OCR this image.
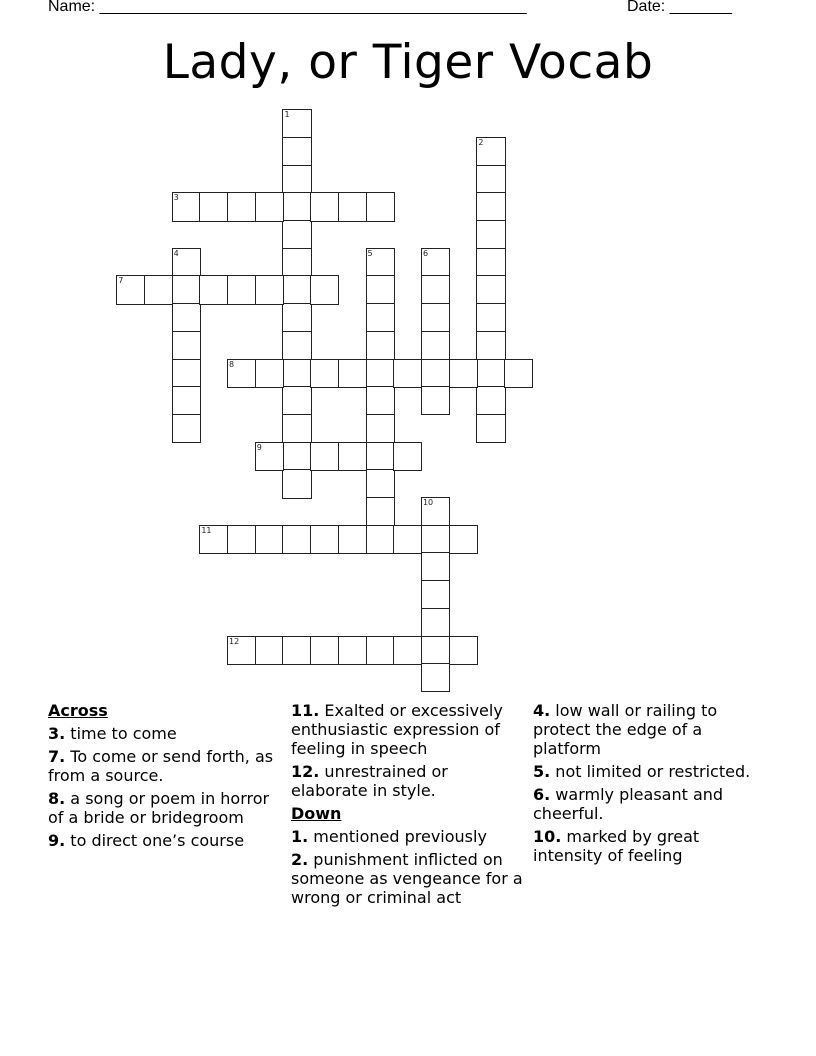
Name: ________________________________________________	Date: _______
Lady, or Tiger Vocab
1
2
3
4	5	6
7
8
9
10
11
12
Across
3. time to come
7. To come or send forth, as from a source.
8. a song or poem in horror of a bride or bridegroom
9. to direct one’s course
11. Exalted or excessively enthusiastic expression of feeling in speech
12. unrestrained or elaborate in style.
Down
1. mentioned previously
2. punishment inflicted on someone as vengeance for a wrong or criminal act
4. low wall or railing to protect the edge of a platform
5. not limited or restricted.
6. warmly pleasant and cheerful.
10. marked by great intensity of feeling
